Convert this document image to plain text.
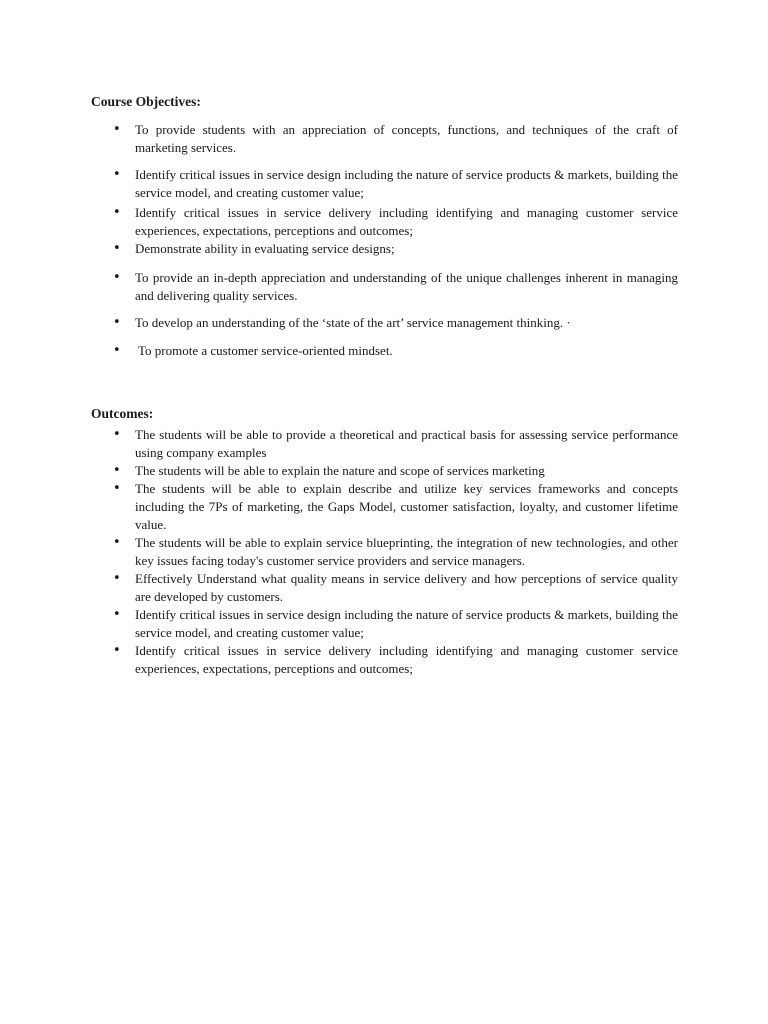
Course Objectives:
• To provide students with an appreciation of concepts, functions, and techniques of the craft of marketing services.
• Identify critical issues in service design including the nature of service products & markets, building the service model, and creating customer value;
• Identify critical issues in service delivery including identifying and managing customer service experiences, expectations, perceptions and outcomes;
• Demonstrate ability in evaluating service designs;
• To provide an in-depth appreciation and understanding of the unique challenges inherent in managing and delivering quality services.
• To develop an understanding of the ‘state of the art’ service management thinking. ·
• To promote a customer service-oriented mindset.
Outcomes:
• The students will be able to provide a theoretical and practical basis for assessing service performance using company examples
• The students will be able to explain the nature and scope of services marketing
• The students will be able to explain describe and utilize key services frameworks and concepts including the 7Ps of marketing, the Gaps Model, customer satisfaction, loyalty, and customer lifetime value.
• The students will be able to explain service blueprinting, the integration of new technologies, and other key issues facing today's customer service providers and service managers.
• Effectively Understand what quality means in service delivery and how perceptions of service quality are developed by customers.
• Identify critical issues in service design including the nature of service products & markets, building the service model, and creating customer value;
• Identify critical issues in service delivery including identifying and managing customer service experiences, expectations, perceptions and outcomes;
